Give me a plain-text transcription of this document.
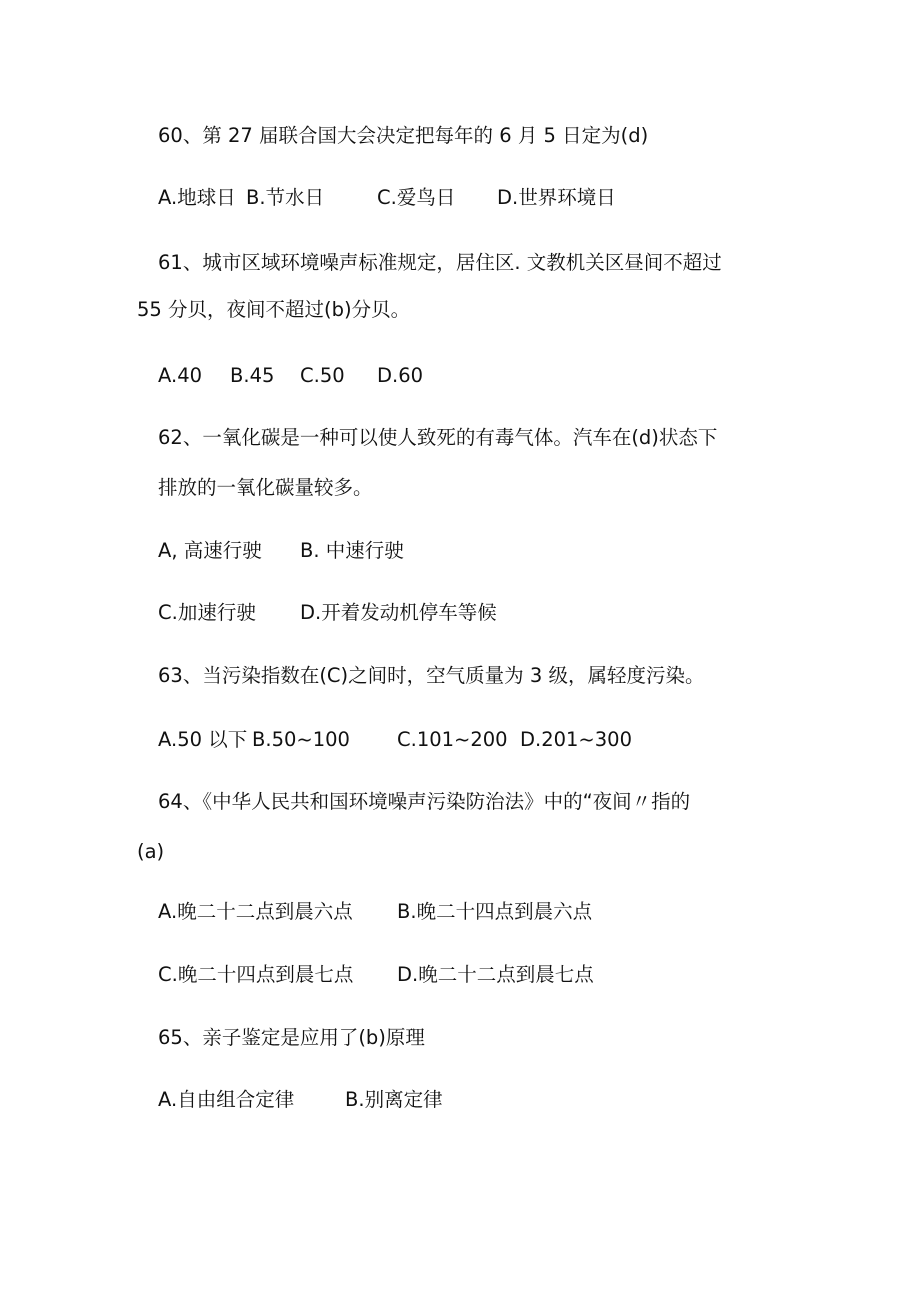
60、第 27 届联合国大会决定把每年的 6 月 5 日定为(d)
A.地球日 B.节水日	C.爱鸟日 D.世界环境日
61、城市区域环境噪声标准规定，居住区. 文教机关区昼间不超过
55 分贝，夜间不超过(b)分贝。
A.40 B.45 C.50 D.60
62、一氧化碳是一种可以使人致死的有毒气体。汽车在(d)状态下
排放的一氧化碳量较多。
A, 高速行驶 B. 中速行驶
C.加速行驶 D.开着发动机停车等候
63、当污染指数在(C)之间时，空气质量为 3 级，属轻度污染。
A.50 以下 B.50~100 C.101~200 D.201~300
64、《中华人民共和国环境噪声污染防治法》中的“夜间〃指的
(a)
A.晚二十二点到晨六点 B.晚二十四点到晨六点
C.晚二十四点到晨七点 D.晚二十二点到晨七点
65、亲子鉴定是应用了(b)原理
A.自由组合定律	B.别离定律
